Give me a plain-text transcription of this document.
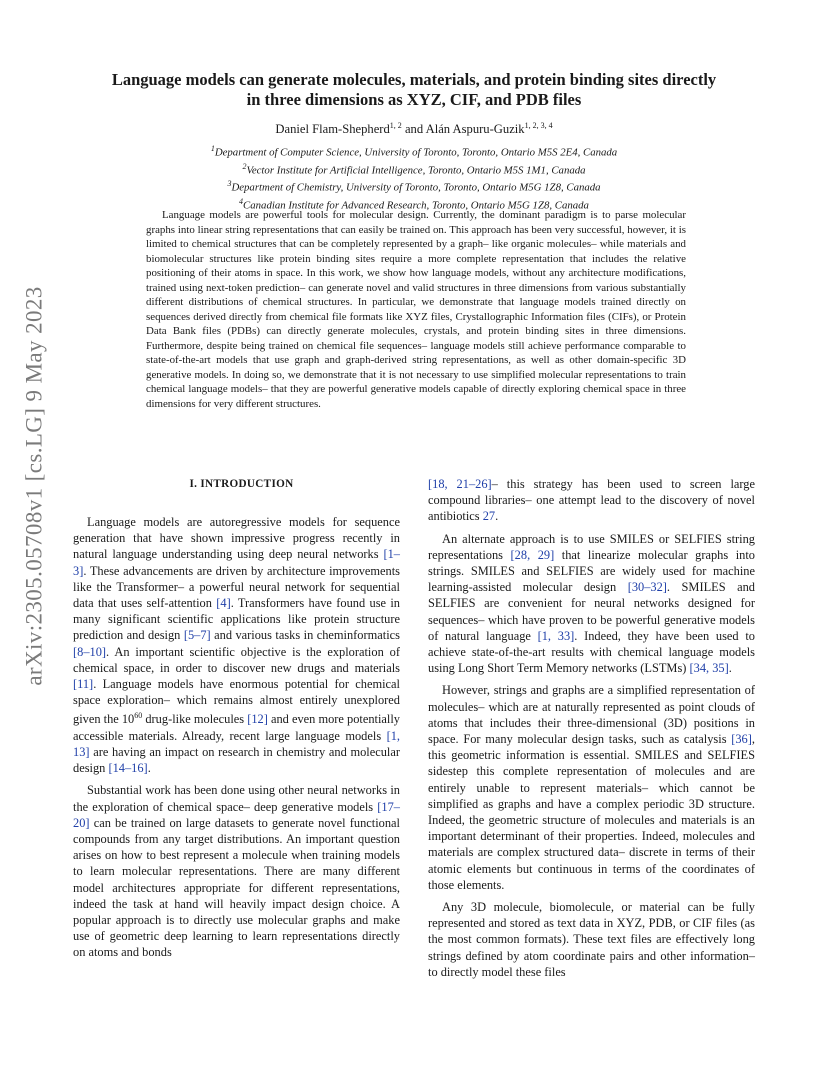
arXiv:2305.05708v1 [cs.LG] 9 May 2023
Language models can generate molecules, materials, and protein binding sites directly
in three dimensions as XYZ, CIF, and PDB files
Daniel Flam-Shepherd$^{1, 2}$ and Alán Aspuru-Guzik$^{1, 2, 3, 4}$
$^1$Department of Computer Science, University of Toronto, Toronto, Ontario M5S 2E4, Canada
$^2$Vector Institute for Artificial Intelligence, Toronto, Ontario M5S 1M1, Canada
$^3$Department of Chemistry, University of Toronto, Toronto, Ontario M5G 1Z8, Canada
$^4$Canadian Institute for Advanced Research, Toronto, Ontario M5G 1Z8, Canada
Language models are powerful tools for molecular design. Currently, the dominant paradigm is to parse molecular graphs into linear string representations that can easily be trained on. This approach has been very successful, however, it is limited to chemical structures that can be completely represented by a graph– like organic molecules– while materials and biomolecular structures like protein binding sites require a more complete representation that includes the relative positioning of their atoms in space. In this work, we show how language models, without any architecture modifications, trained using next-token prediction– can generate novel and valid structures in three dimensions from various substantially different distributions of chemical structures. In particular, we demonstrate that language models trained directly on sequences derived directly from chemical file formats like XYZ files, Crystallographic Information files (CIFs), or Protein Data Bank files (PDBs) can directly generate molecules, crystals, and protein binding sites in three dimensions. Furthermore, despite being trained on chemical file sequences– language models still achieve performance comparable to state-of-the-art models that use graph and graph-derived string representations, as well as other domain-specific 3D generative models. In doing so, we demonstrate that it is not necessary to use simplified molecular representations to train chemical language models– that they are powerful generative models capable of directly exploring chemical space in three dimensions for very different structures.
I. INTRODUCTION

Language models are autoregressive models for sequence generation that have shown impressive progress recently in natural language understanding using deep neural networks [1–3]. These advancements are driven by architecture improvements like the Transformer– a powerful neural network for sequential data that uses self-attention [4]. Transformers have found use in many significant scientific applications like protein structure prediction and design [5–7] and various tasks in cheminformatics [8–10]. An important scientific objective is the exploration of chemical space, in order to discover new drugs and materials [11]. Language models have enormous potential for chemical space exploration– which remains almost entirely unexplored given the $10^{60}$ drug-like molecules [12] and even more potentially accessible materials. Already, recent large language models [1, 13] are having an impact on research in chemistry and molecular design [14–16].

Substantial work has been done using other neural networks in the exploration of chemical space– deep generative models [17–20] can be trained on large datasets to generate novel functional compounds from any target distributions. An important question arises on how to best represent a molecule when training models to learn molecular representations. There are many different model architectures appropriate for different representations, indeed the task at hand will heavily impact design choice. A popular approach is to directly use molecular graphs and make use of geometric deep learning to learn representations directly on atoms and bonds

[18, 21–26]– this strategy has been used to screen large compound libraries– one attempt lead to the discovery of novel antibiotics 27.

An alternate approach is to use SMILES or SELFIES string representations [28, 29] that linearize molecular graphs into strings. SMILES and SELFIES are widely used for machine learning-assisted molecular design [30–32]. SMILES and SELFIES are convenient for neural networks designed for sequences– which have proven to be powerful generative models of natural language [1, 33]. Indeed, they have been used to achieve state-of-the-art results with chemical language models using Long Short Term Memory networks (LSTMs) [34, 35].

However, strings and graphs are a simplified representation of molecules– which are at naturally represented as point clouds of atoms that includes their three-dimensional (3D) positions in space. For many molecular design tasks, such as catalysis [36], this geometric information is essential. SMILES and SELFIES sidestep this complete representation of molecules and are entirely unable to represent materials– which cannot be simplified as graphs and have a complex periodic 3D structure. Indeed, the geometric structure of molecules and materials is an important determinant of their properties. Indeed, molecules and materials are complex structured data– discrete in terms of their atomic elements but continuous in terms of the coordinates of those elements.

Any 3D molecule, biomolecule, or material can be fully represented and stored as text data in XYZ, PDB, or CIF files (as the most common formats). These text files are effectively long strings defined by atom coordinate pairs and other information– to directly model these files
